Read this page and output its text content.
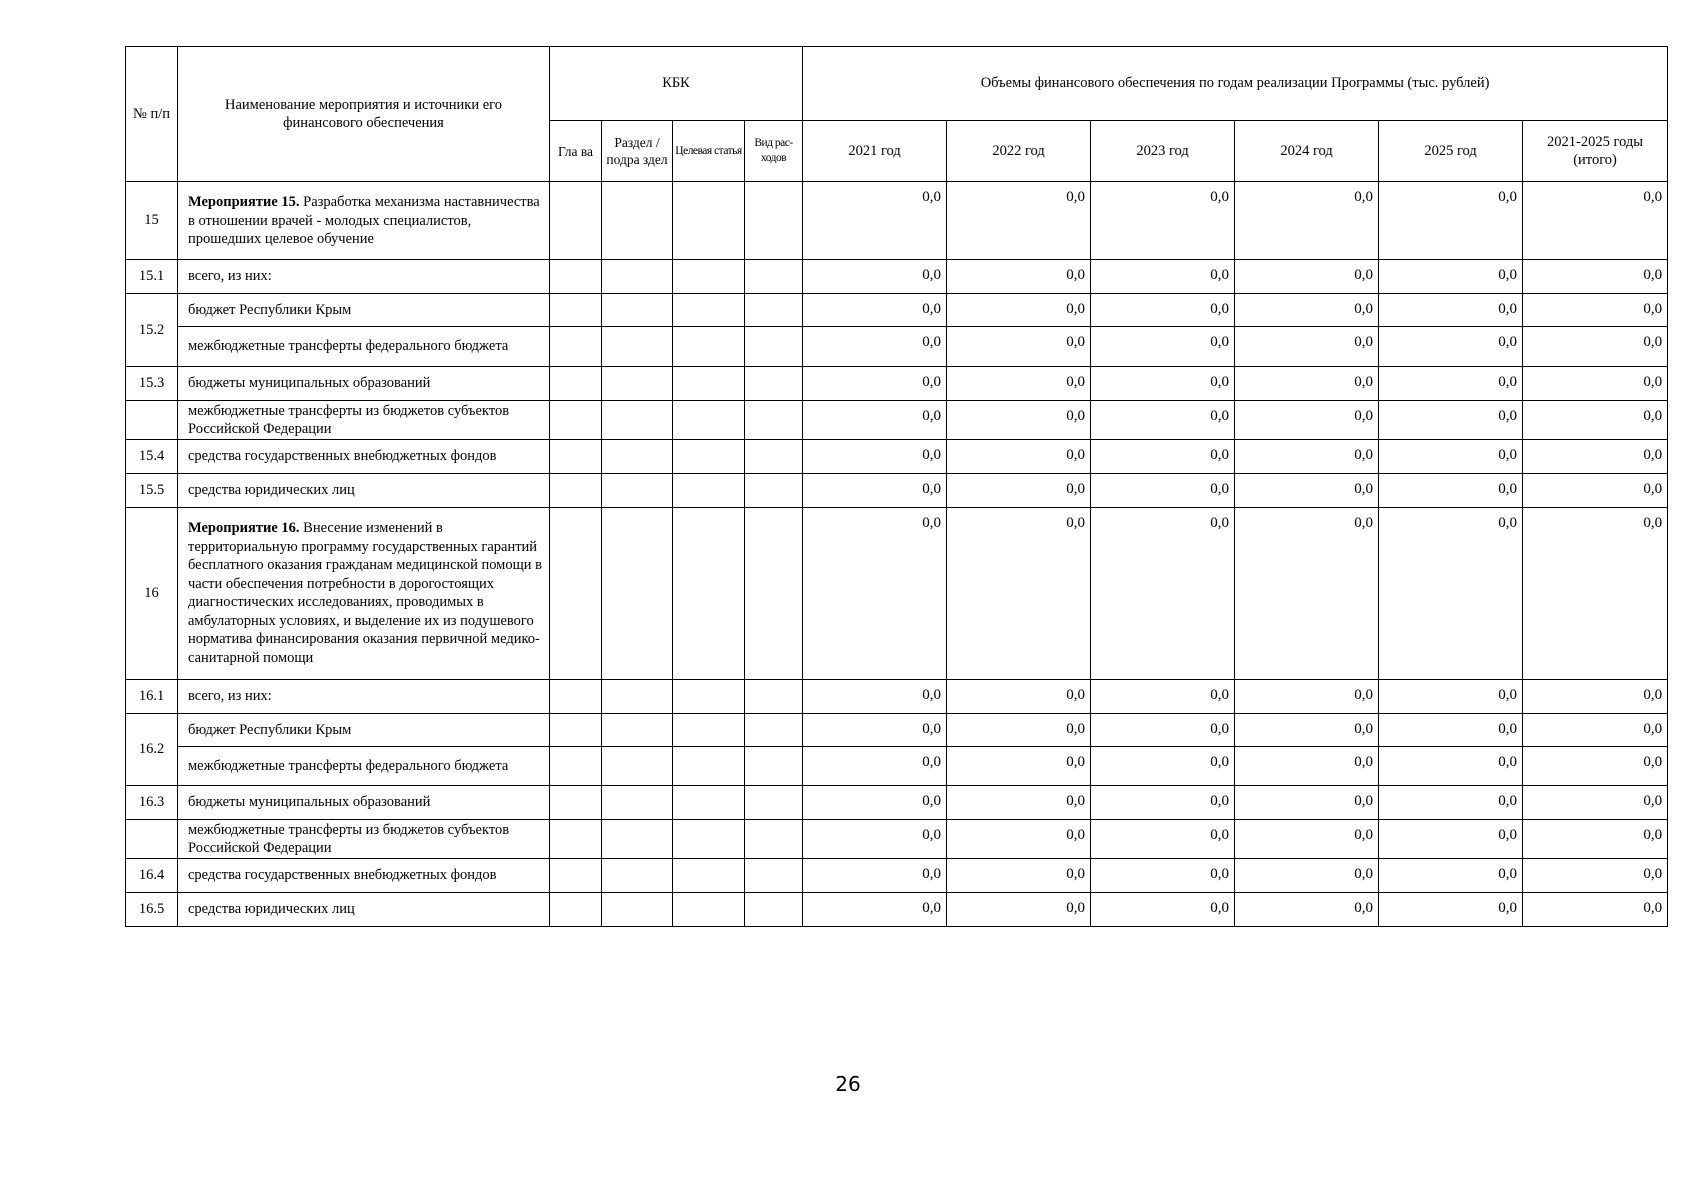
№ п/п	Наименование мероприятия и источники его финансового обеспечения	КБК				Объемы финансового обеспечения по годам реализации Программы (тыс. рублей)					
		Гла ва	Раздел /подра здел	Целевая статья	Вид рас- ходов	2021 год	2022 год	2023 год	2024 год	2025 год	2021-2025 годы (итого)
15	Мероприятие 15. Разработка механизма наставничества в отношении врачей - молодых специалистов, прошедших целевое обучение					0,0	0,0	0,0	0,0	0,0	0,0
15.1	всего, из них:					0,0	0,0	0,0	0,0	0,0	0,0
15.2	бюджет Республики Крым					0,0	0,0	0,0	0,0	0,0	0,0
	межбюджетные трансферты федерального бюджета					0,0	0,0	0,0	0,0	0,0	0,0
15.3	бюджеты муниципальных образований					0,0	0,0	0,0	0,0	0,0	0,0
	межбюджетные трансферты из бюджетов субъектов Российской Федерации					0,0	0,0	0,0	0,0	0,0	0,0
15.4	средства государственных внебюджетных фондов					0,0	0,0	0,0	0,0	0,0	0,0
15.5	средства юридических лиц					0,0	0,0	0,0	0,0	0,0	0,0
16	Мероприятие 16. Внесение изменений в территориальную программу государственных гарантий бесплатного оказания гражданам медицинской помощи в части обеспечения потребности в дорогостоящих диагностических исследованиях, проводимых в амбулаторных условиях, и выделение их из подушевого норматива финансирования оказания первичной медико-санитарной помощи					0,0	0,0	0,0	0,0	0,0	0,0
16.1	всего, из них:					0,0	0,0	0,0	0,0	0,0	0,0
16.2	бюджет Республики Крым					0,0	0,0	0,0	0,0	0,0	0,0
	межбюджетные трансферты федерального бюджета					0,0	0,0	0,0	0,0	0,0	0,0
16.3	бюджеты муниципальных образований					0,0	0,0	0,0	0,0	0,0	0,0
	межбюджетные трансферты из бюджетов субъектов Российской Федерации					0,0	0,0	0,0	0,0	0,0	0,0
16.4	средства государственных внебюджетных фондов					0,0	0,0	0,0	0,0	0,0	0,0
16.5	средства юридических лиц					0,0	0,0	0,0	0,0	0,0	0,0
26
